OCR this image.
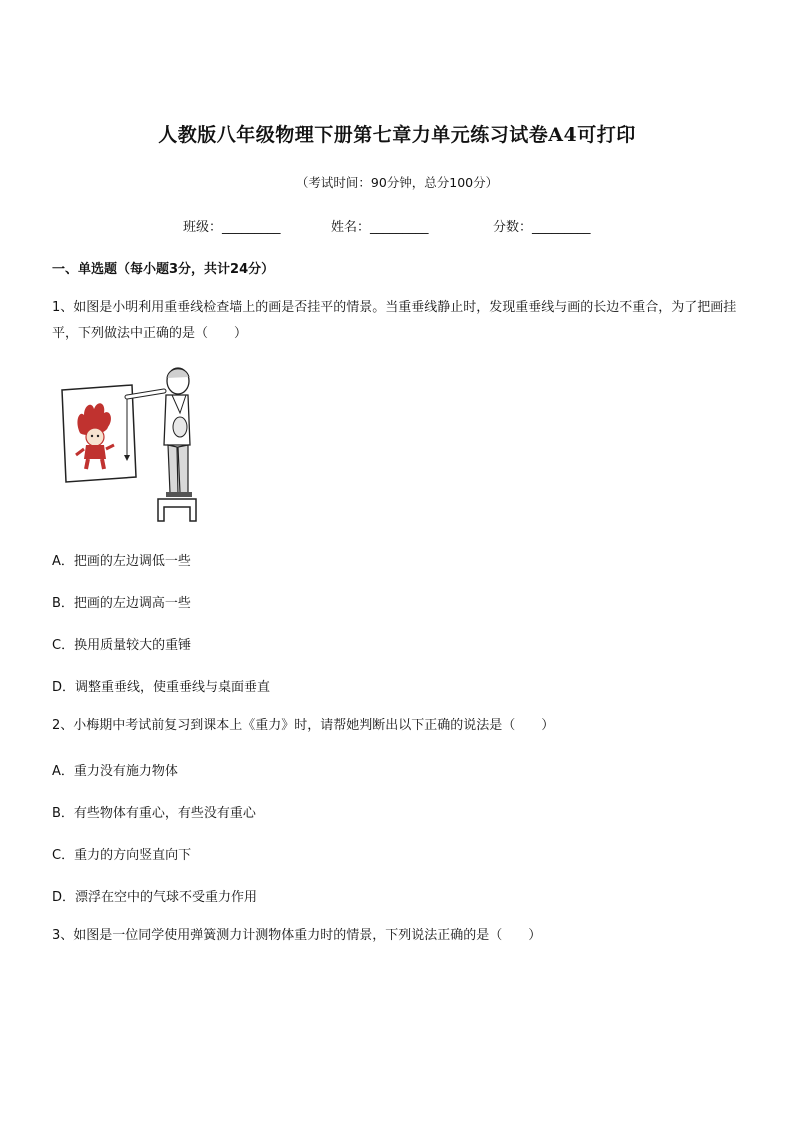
人教版八年级物理下册第七章力单元练习试卷A4可打印
（考试时间：90分钟，总分100分）
班级：_________	姓名：_________	分数：_________
一、单选题（每小题3分，共计24分）
1、如图是小明利用重垂线检查墙上的画是否挂平的情景。当重垂线静止时，发现重垂线与画的长边不重合，为了把画挂平，下列做法中正确的是（　　）
A．把画的左边调低一些
B．把画的左边调高一些
C．换用质量较大的重锤
D．调整重垂线，使重垂线与桌面垂直
2、小梅期中考试前复习到课本上《重力》时，请帮她判断出以下正确的说法是（　　）
A．重力没有施力物体
B．有些物体有重心，有些没有重心
C．重力的方向竖直向下
D．漂浮在空中的气球不受重力作用
3、如图是一位同学使用弹簧测力计测物体重力时的情景，下列说法正确的是（　　）
